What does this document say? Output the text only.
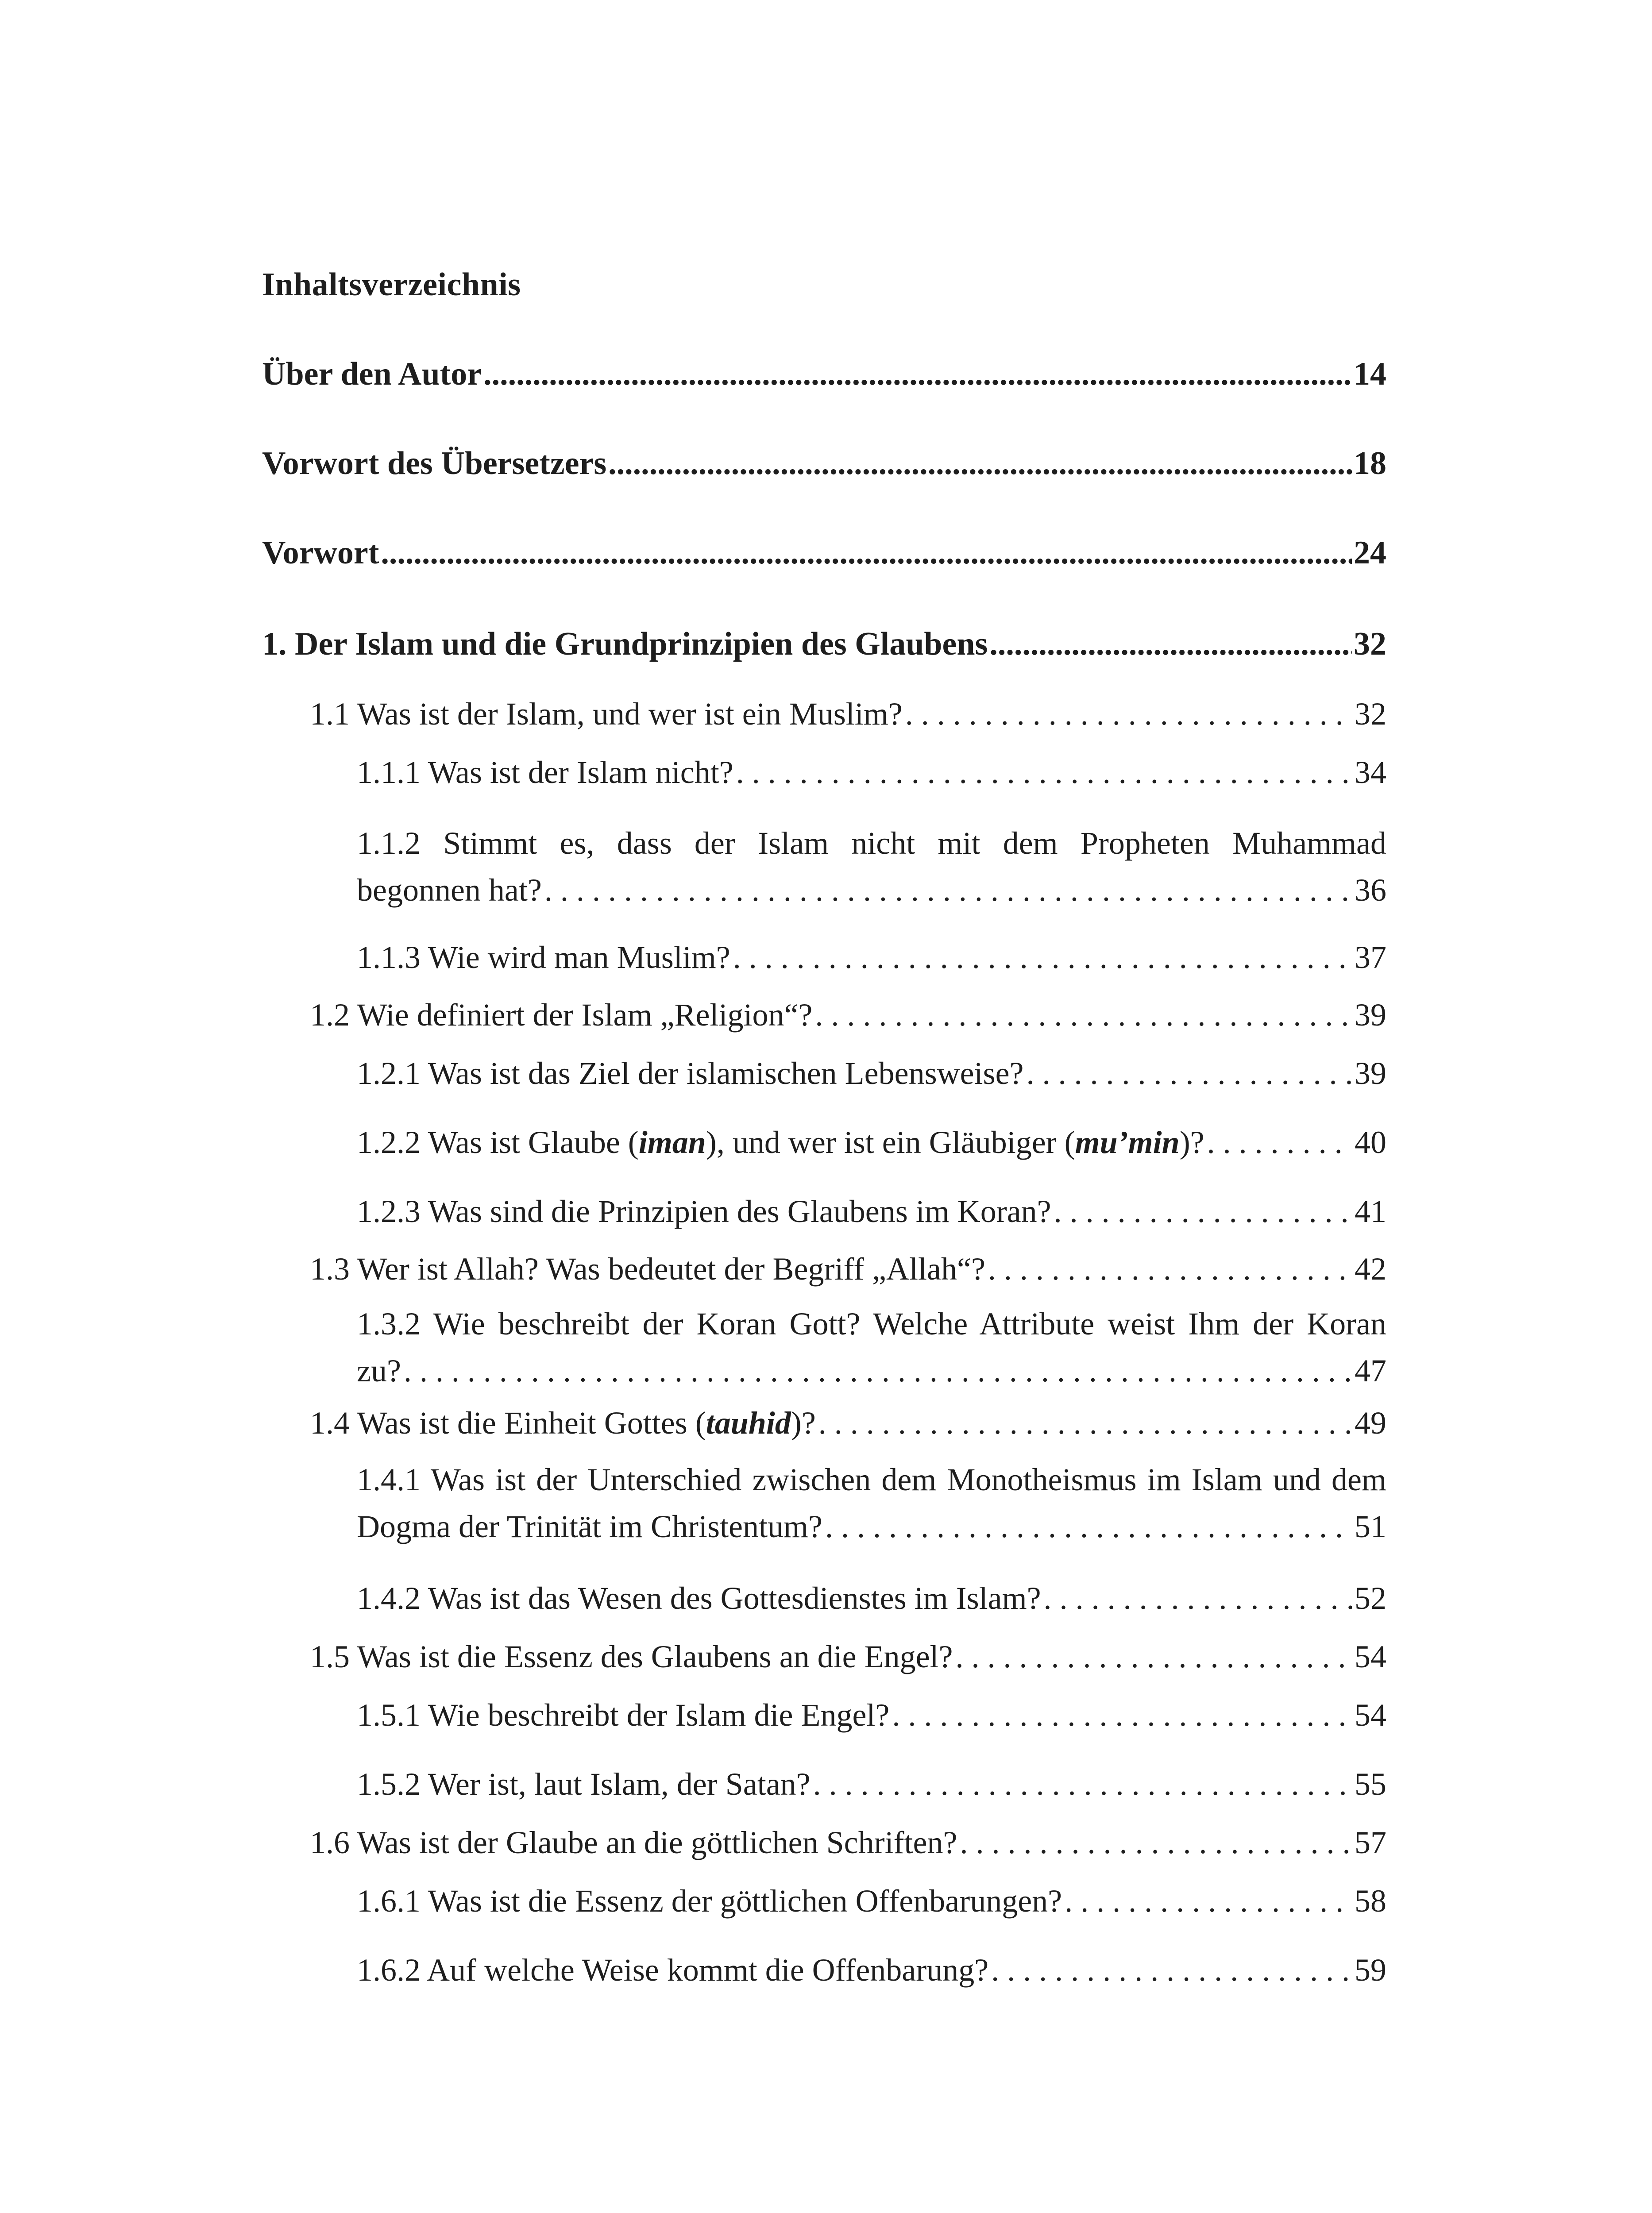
Inhaltsverzeichnis
Über den Autor .....	14
Vorwort des Übersetzers .....	18
Vorwort .....	24
1. Der Islam und die Grundprinzipien des Glaubens .....	32
1.1 Was ist der Islam, und wer ist ein Muslim? . . .	32
1.1.1 Was ist der Islam nicht? . . .	34
1.1.2 Stimmt es, dass der Islam nicht mit dem Propheten Muhammad
begonnen hat? . . .	36
1.1.3 Wie wird man Muslim? . . .	37
1.2 Wie definiert der Islam „Religion“? . . .	39
1.2.1 Was ist das Ziel der islamischen Lebensweise? . . .	39
1.2.2 Was ist Glaube (iman), und wer ist ein Gläubiger (mu’min)? . . .	40
1.2.3 Was sind die Prinzipien des Glaubens im Koran? . . .	41
1.3 Wer ist Allah? Was bedeutet der Begriff „Allah“? . . .	42
1.3.2 Wie beschreibt der Koran Gott? Welche Attribute weist Ihm der Koran
zu? . . .	47
1.4 Was ist die Einheit Gottes (tauhid)? . . .	49
1.4.1 Was ist der Unterschied zwischen dem Monotheismus im Islam und dem
Dogma der Trinität im Christentum? . . .	51
1.4.2 Was ist das Wesen des Gottesdienstes im Islam? . . .	52
1.5 Was ist die Essenz des Glaubens an die Engel? . . .	54
1.5.1 Wie beschreibt der Islam die Engel? . . .	54
1.5.2 Wer ist, laut Islam, der Satan? . . .	55
1.6 Was ist der Glaube an die göttlichen Schriften? . . .	57
1.6.1 Was ist die Essenz der göttlichen Offenbarungen? . . .	58
1.6.2 Auf welche Weise kommt die Offenbarung? . . .	59
